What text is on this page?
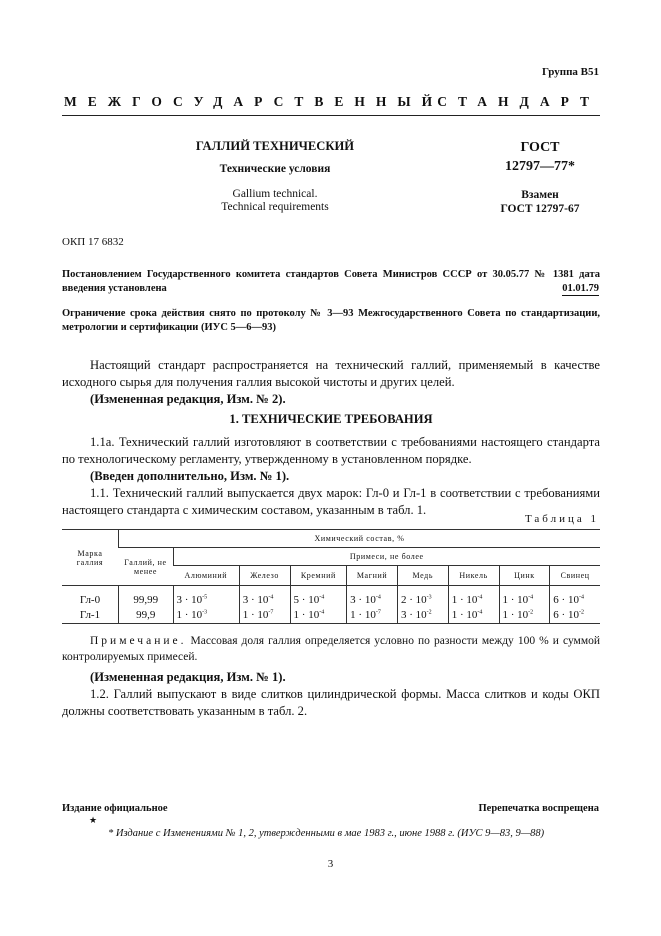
Группа В51
МЕЖГОСУДАРСТВЕННЫЙ
СТАНДАРТ
ГАЛЛИЙ ТЕХНИЧЕСКИЙ
Технические условия
Gallium technical.
Technical requirements
ГОСТ
12797—77*
Взамен
ГОСТ 12797-67
ОКП 17 6832
Постановлением Государственного комитета стандартов Совета Министров СССР от 30.05.77 № 1381 дата введения установлена	01.01.79
Ограничение срока действия снято по протоколу № 3—93 Межгосударственного Совета по стандартизации, метрологии и сертификации (ИУС 5—6—93)
Настоящий стандарт распространяется на технический галлий, применяемый в качестве исходного сырья для получения галлия высокой чистоты и других целей.
(Измененная редакция, Изм. № 2).
1. ТЕХНИЧЕСКИЕ ТРЕБОВАНИЯ
1.1а. Технический галлий изготовляют в соответствии с требованиями настоящего стандарта по технологическому регламенту, утвержденному в установленном порядке.
(Введен дополнительно, Изм. № 1).
1.1. Технический галлий выпускается двух марок: Гл-0 и Гл-1 в соответствии с требованиями настоящего стандарта с химическим составом, указанным в табл. 1.
Таблица 1
Марка галлия	Химический состав, %								
	Галлий, не менее	Примеси, не более							
		Алюминий	Железо	Кремний	Магний	Медь	Никель	Цинк	Свинец
Гл-0	99,99	$3 \cdot 10^{-5}$	$3 \cdot 10^{-4}$	$5 \cdot 10^{-4}$	$3 \cdot 10^{-4}$	$2 \cdot 10^{-3}$	$1 \cdot 10^{-4}$	$1 \cdot 10^{-4}$	$6 \cdot 10^{-4}$
Гл-1	99,9	$1 \cdot 10^{-3}$	$1 \cdot 10^{-7}$	$1 \cdot 10^{-4}$	$1 \cdot 10^{-7}$	$3 \cdot 10^{-2}$	$1 \cdot 10^{-4}$	$1 \cdot 10^{-2}$	$6 \cdot 10^{-2}$
Примечание. Массовая доля галлия определяется условно по разности между 100 % и суммой контролируемых примесей.
(Измененная редакция, Изм. № 1).
1.2. Галлий выпускают в виде слитков цилиндрической формы. Масса слитков и коды ОКП должны соответствовать указанным в табл. 2.
Издание официальное	Перепечатка воспрещена
★
* Издание с Изменениями № 1, 2, утвержденными в мае 1983 г., июне 1988 г. (ИУС 9—83, 9—88)
3
